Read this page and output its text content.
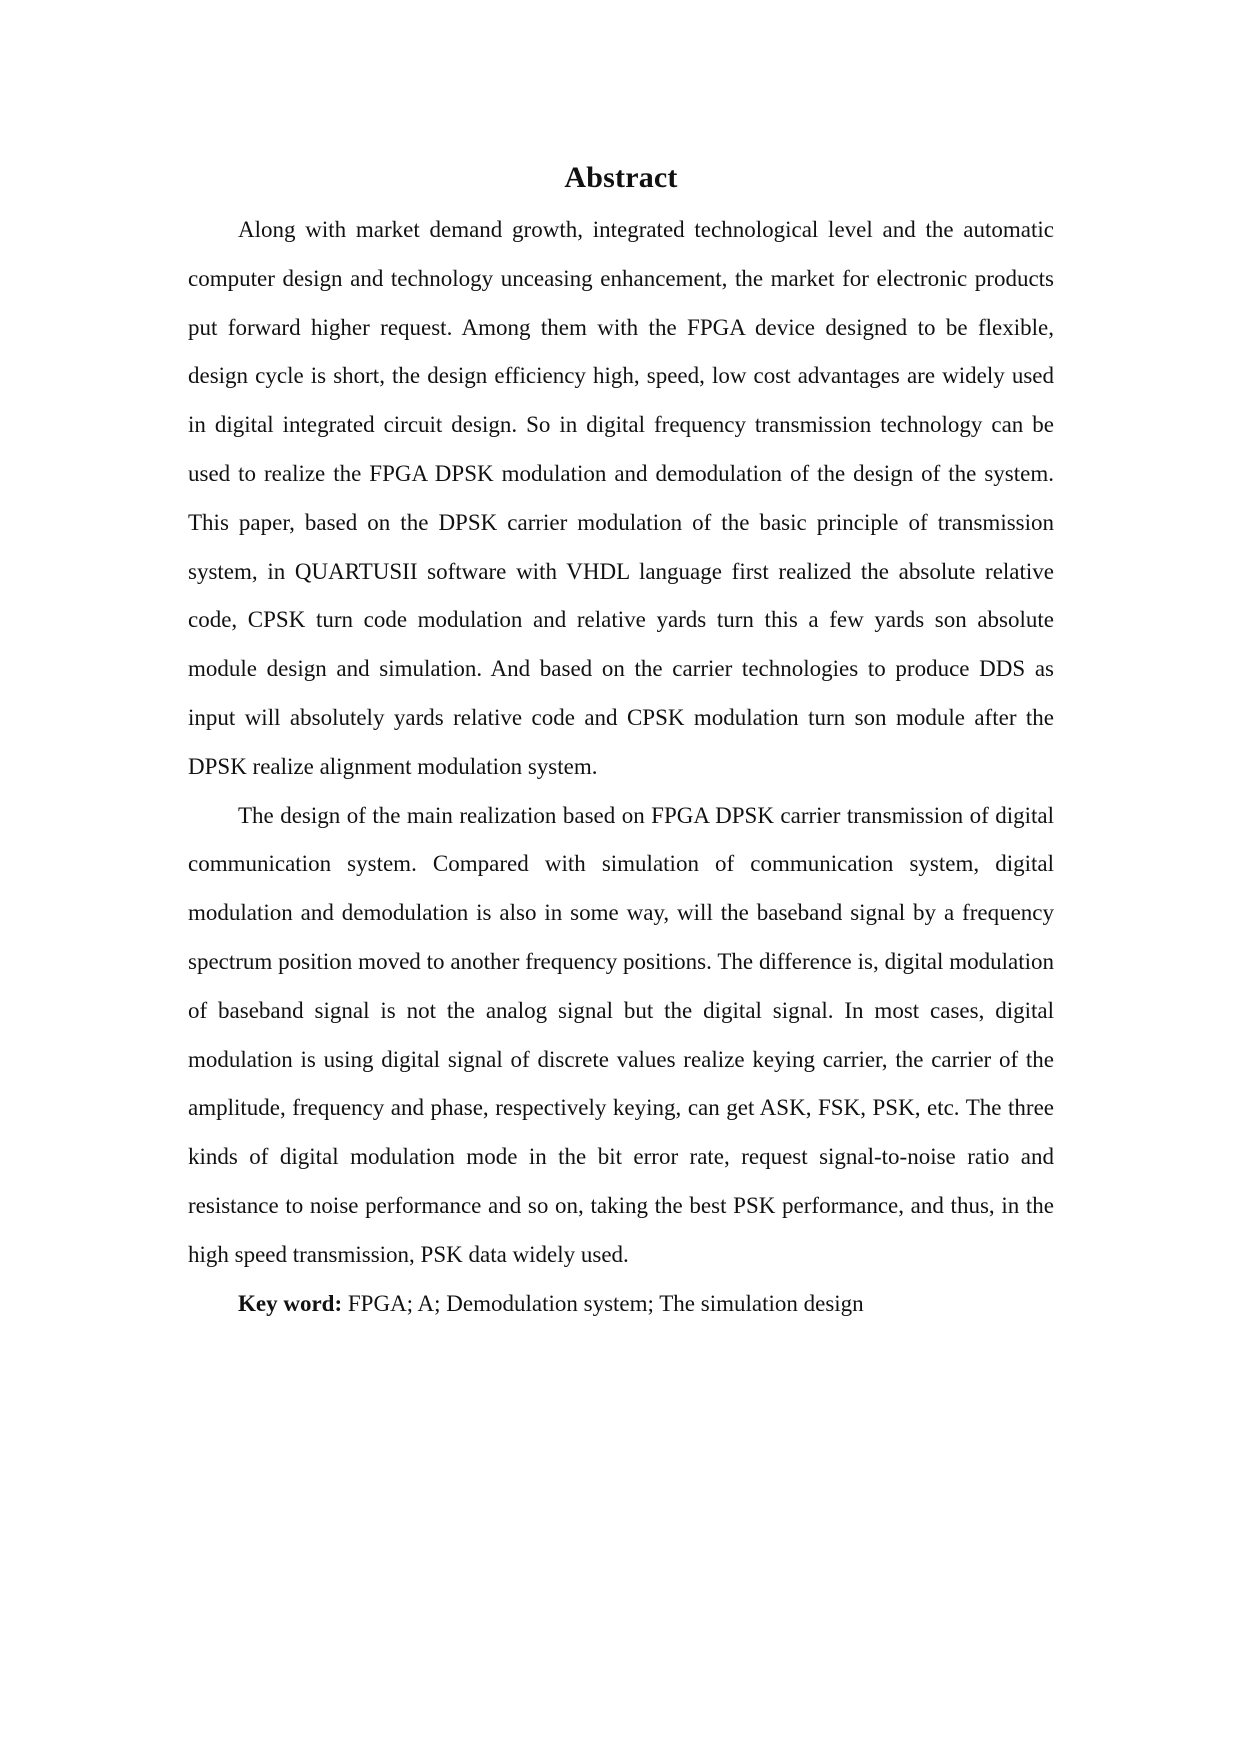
Abstract

Along with market demand growth, integrated technological level and the automatic computer design and technology unceasing enhancement, the market for electronic products put forward higher request. Among them with the FPGA device designed to be flexible, design cycle is short, the design efficiency high, speed, low cost advantages are widely used in digital integrated circuit design. So in digital frequency transmission technology can be used to realize the FPGA DPSK modulation and demodulation of the design of the system. This paper, based on the DPSK carrier modulation of the basic principle of transmission system, in QUARTUSII software with VHDL language first realized the absolute relative code, CPSK turn code modulation and relative yards turn this a few yards son absolute module design and simulation. And based on the carrier technologies to produce DDS as input will absolutely yards relative code and CPSK modulation turn son module after the DPSK realize alignment modulation system.

The design of the main realization based on FPGA DPSK carrier transmission of digital communication system. Compared with simulation of communication system, digital modulation and demodulation is also in some way, will the baseband signal by a frequency spectrum position moved to another frequency positions. The difference is, digital modulation of baseband signal is not the analog signal but the digital signal. In most cases, digital modulation is using digital signal of discrete values realize keying carrier, the carrier of the amplitude, frequency and phase, respectively keying, can get ASK, FSK, PSK, etc. The three kinds of digital modulation mode in the bit error rate, request signal-to-noise ratio and resistance to noise performance and so on, taking the best PSK performance, and thus, in the high speed transmission, PSK data widely used.

Key word: FPGA; A; Demodulation system; The simulation design
